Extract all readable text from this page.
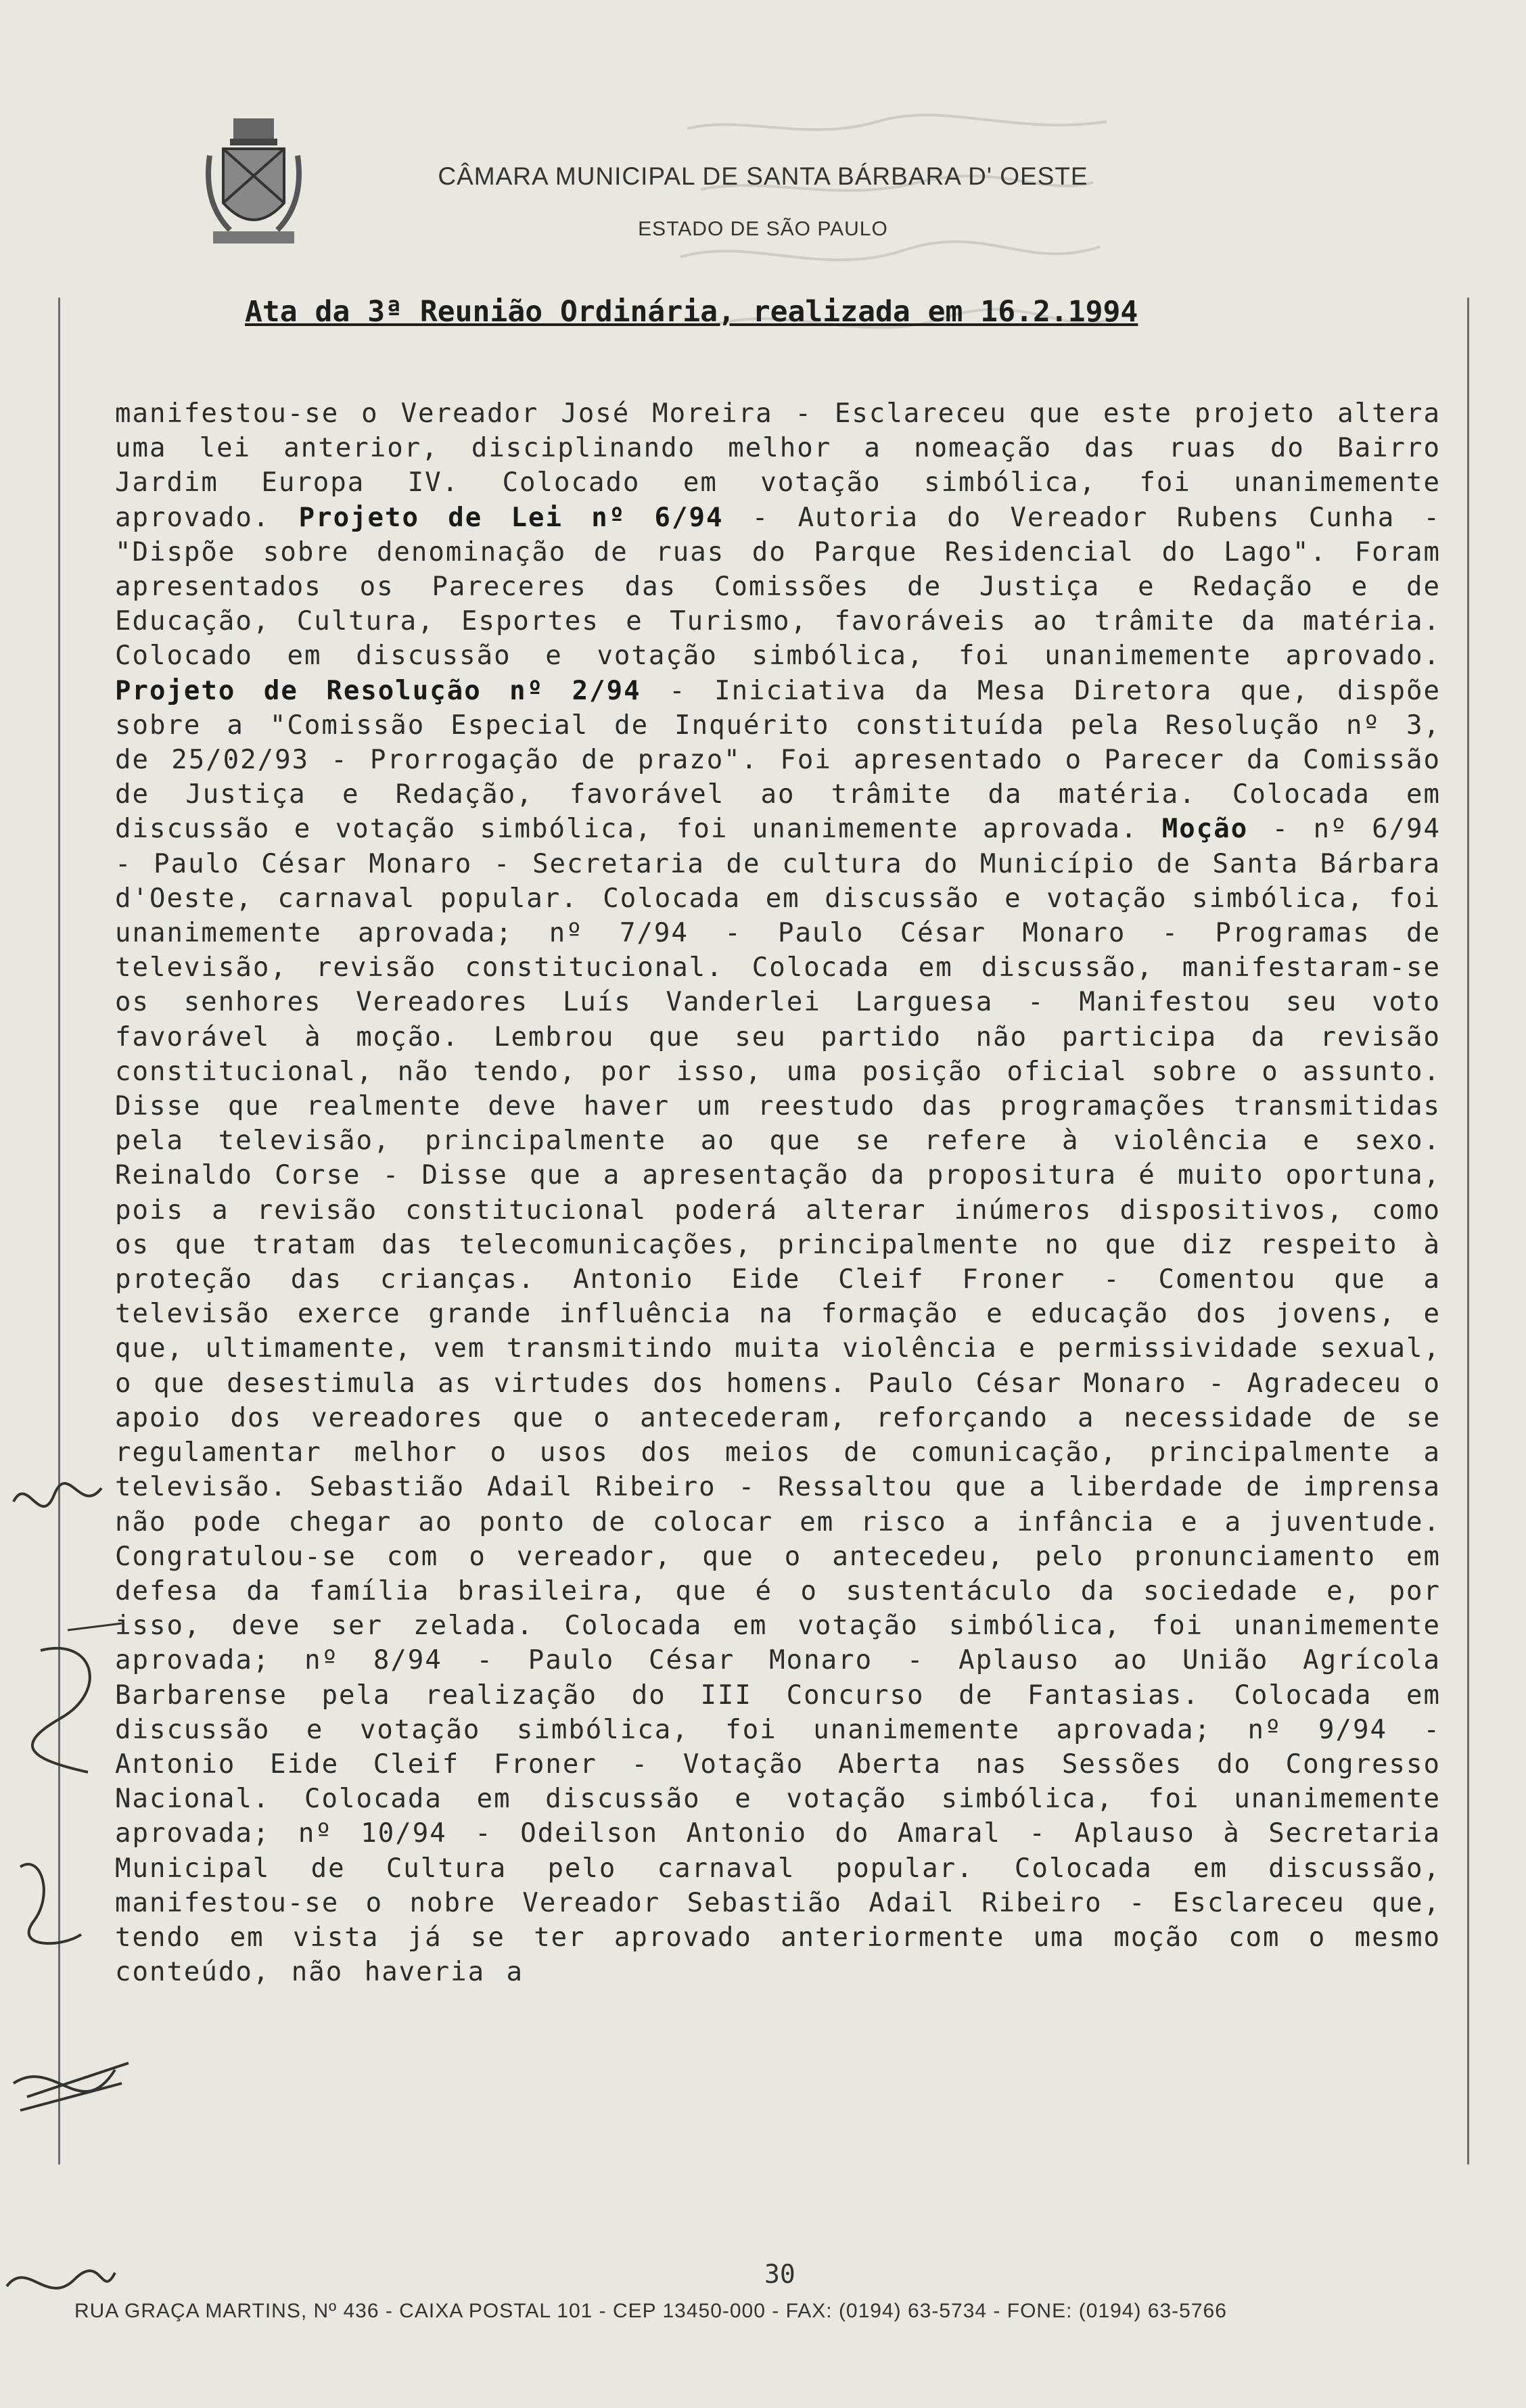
CÂMARA MUNICIPAL DE SANTA BÁRBARA D' OESTE
ESTADO DE SÃO PAULO
Ata da 3ª Reunião Ordinária, realizada em 16.2.1994
manifestou-se o Vereador José Moreira - Esclareceu que este projeto altera uma lei anterior, disciplinando melhor a nomeação das ruas do Bairro Jardim Europa IV. Colocado em votação simbólica, foi unanimemente aprovado. Projeto de Lei nº 6/94 - Autoria do Vereador Rubens Cunha - "Dispõe sobre denominação de ruas do Parque Residencial do Lago". Foram apresentados os Pareceres das Comissões de Justiça e Redação e de Educação, Cultura, Esportes e Turismo, favoráveis ao trâmite da matéria. Colocado em discussão e votação simbólica, foi unanimemente aprovado. Projeto de Resolução nº 2/94 - Iniciativa da Mesa Diretora que, dispõe sobre a "Comissão Especial de Inquérito constituída pela Resolução nº 3, de 25/02/93 - Prorrogação de prazo". Foi apresentado o Parecer da Comissão de Justiça e Redação, favorável ao trâmite da matéria. Colocada em discussão e votação simbólica, foi unanimemente aprovada. Moção - nº 6/94 - Paulo César Monaro - Secretaria de cultura do Município de Santa Bárbara d'Oeste, carnaval popular. Colocada em discussão e votação simbólica, foi unanimemente aprovada; nº 7/94 - Paulo César Monaro - Programas de televisão, revisão constitucional. Colocada em discussão, manifestaram-se os senhores Vereadores Luís Vanderlei Larguesa - Manifestou seu voto favorável à moção. Lembrou que seu partido não participa da revisão constitucional, não tendo, por isso, uma posição oficial sobre o assunto. Disse que realmente deve haver um reestudo das programações transmitidas pela televisão, principalmente ao que se refere à violência e sexo. Reinaldo Corse - Disse que a apresentação da propositura é muito oportuna, pois a revisão constitucional poderá alterar inúmeros dispositivos, como os que tratam das telecomunicações, principalmente no que diz respeito à proteção das crianças. Antonio Eide Cleif Froner - Comentou que a televisão exerce grande influência na formação e educação dos jovens, e que, ultimamente, vem transmitindo muita violência e permissividade sexual, o que desestimula as virtudes dos homens. Paulo César Monaro - Agradeceu o apoio dos vereadores que o antecederam, reforçando a necessidade de se regulamentar melhor o usos dos meios de comunicação, principalmente a televisão. Sebastião Adail Ribeiro - Ressaltou que a liberdade de imprensa não pode chegar ao ponto de colocar em risco a infância e a juventude. Congratulou-se com o vereador, que o antecedeu, pelo pronunciamento em defesa da família brasileira, que é o sustentáculo da sociedade e, por isso, deve ser zelada. Colocada em votação simbólica, foi unanimemente aprovada; nº 8/94 - Paulo César Monaro - Aplauso ao União Agrícola Barbarense pela realização do III Concurso de Fantasias. Colocada em discussão e votação simbólica, foi unanimemente aprovada; nº 9/94 - Antonio Eide Cleif Froner - Votação Aberta nas Sessões do Congresso Nacional. Colocada em discussão e votação simbólica, foi unanimemente aprovada; nº 10/94 - Odeilson Antonio do Amaral - Aplauso à Secretaria Municipal de Cultura pelo carnaval popular. Colocada em discussão, manifestou-se o nobre Vereador Sebastião Adail Ribeiro - Esclareceu que, tendo em vista já se ter aprovado anteriormente uma moção com o mesmo conteúdo, não haveria a
30
RUA GRAÇA MARTINS, Nº 436 - CAIXA POSTAL 101 - CEP 13450-000 - FAX: (0194) 63-5734 - FONE: (0194) 63-5766
